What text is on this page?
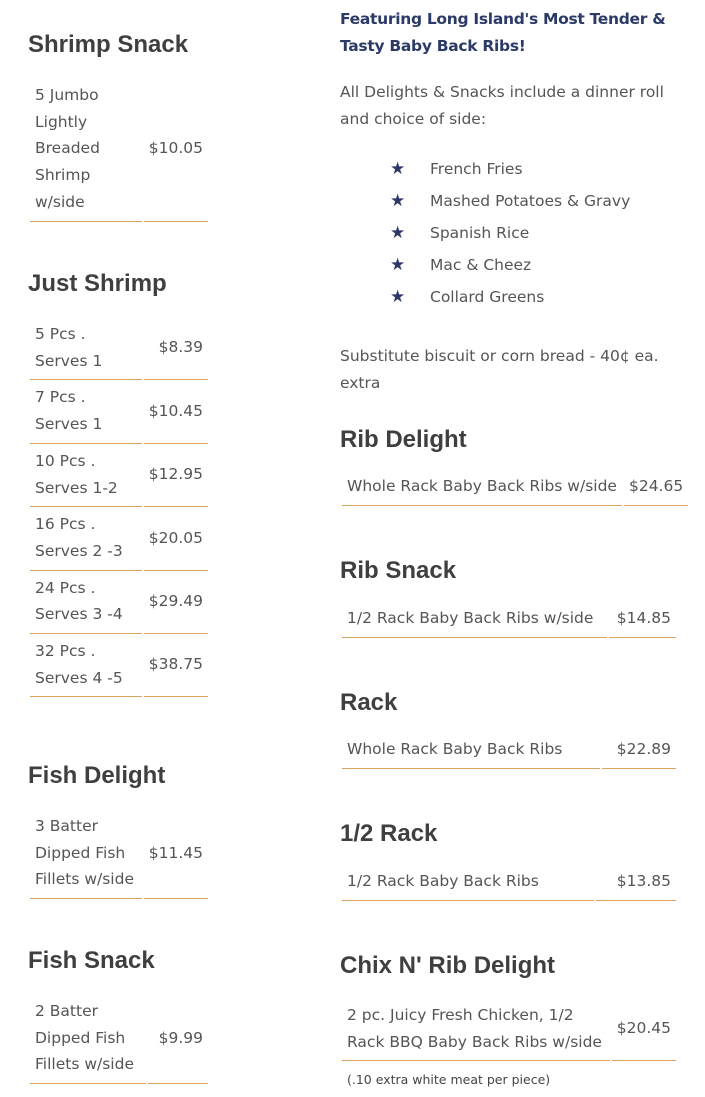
Shrimp Snack
5 Jumbo Lightly Breaded Shrimp w/side	$10.05
Just Shrimp
5 Pcs . Serves 1	$8.39
7 Pcs . Serves 1	$10.45
10 Pcs . Serves 1-2	$12.95
16 Pcs . Serves 2 -3	$20.05
24 Pcs . Serves 3 -4	$29.49
32 Pcs . Serves 4 -5	$38.75
Fish Delight
3 Batter Dipped Fish Fillets w/side	$11.45
Fish Snack
2 Batter Dipped Fish Fillets w/side	$9.99
Featuring Long Island's Most Tender & Tasty Baby Back Ribs!
All Delights & Snacks include a dinner roll and choice of side:
★	French Fries
★	Mashed Potatoes & Gravy
★	Spanish Rice
★	Mac & Cheez
★	Collard Greens
Substitute biscuit or corn bread - 40¢ ea. extra
Rib Delight
Whole Rack Baby Back Ribs w/side	$24.65
Rib Snack
1/2 Rack Baby Back Ribs w/side	$14.85
Rack
Whole Rack Baby Back Ribs	$22.89
1/2 Rack
1/2 Rack Baby Back Ribs	$13.85
Chix N' Rib Delight
2 pc. Juicy Fresh Chicken, 1/2 Rack BBQ Baby Back Ribs w/side	$20.45
(.10 extra white meat per piece)
